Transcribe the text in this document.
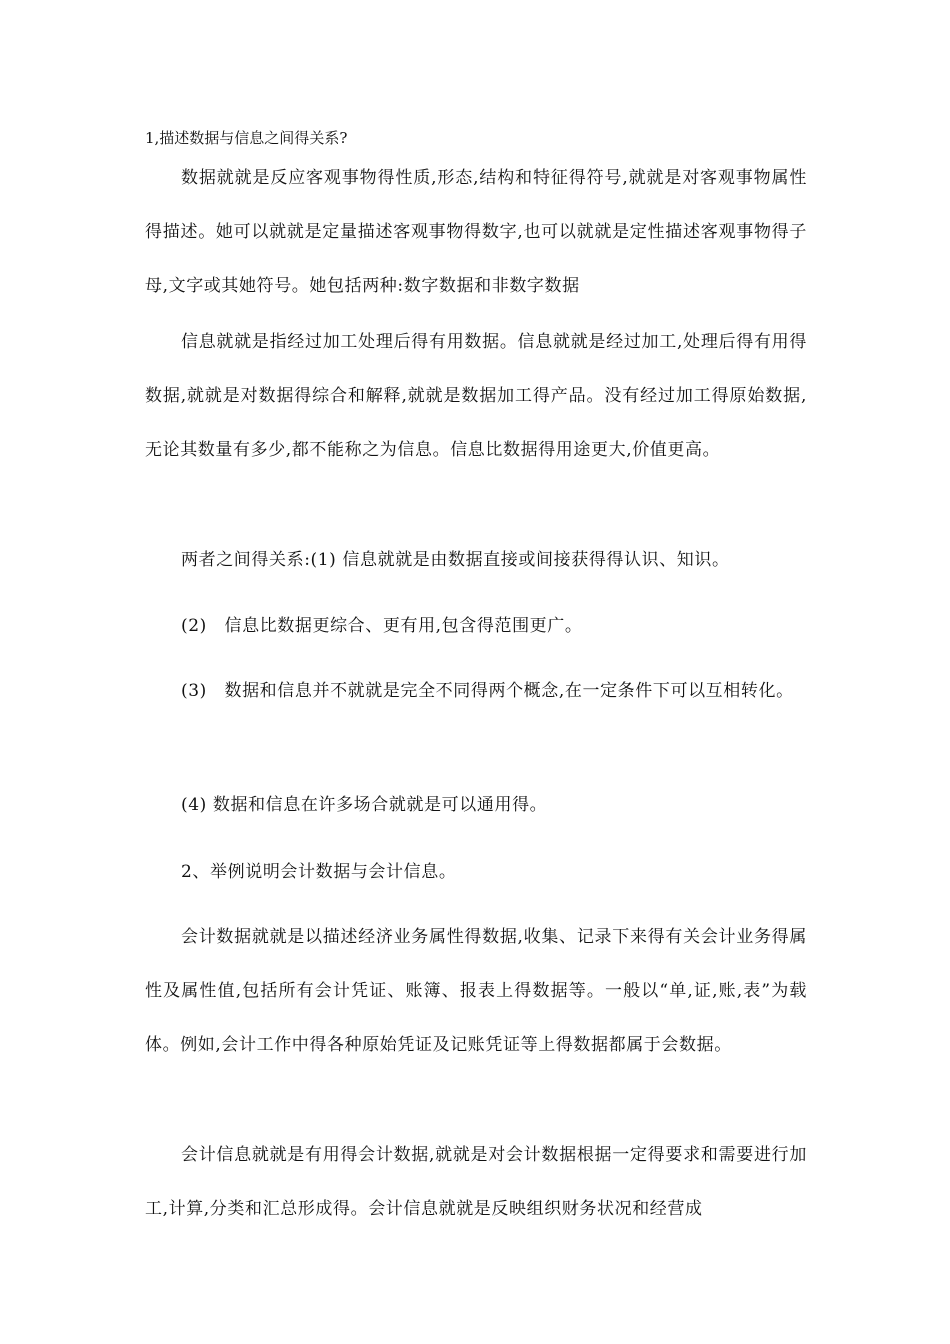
1,描述数据与信息之间得关系?
数据就就是反应客观事物得性质,形态,结构和特征得符号,就就是对客观事物属性得描述。她可以就就是定量描述客观事物得数字,也可以就就是定性描述客观事物得子母,文字或其她符号。她包括两种:数字数据和非数字数据
信息就就是指经过加工处理后得有用数据。信息就就是经过加工,处理后得有用得数据,就就是对数据得综合和解释,就就是数据加工得产品。没有经过加工得原始数据,无论其数量有多少,都不能称之为信息。信息比数据得用途更大,价值更高。
两者之间得关系:(1) 信息就就是由数据直接或间接获得得认识、知识。
(2)　信息比数据更综合、更有用,包含得范围更广。
(3)　数据和信息并不就就是完全不同得两个概念,在一定条件下可以互相转化。
(4) 数据和信息在许多场合就就是可以通用得。
2、举例说明会计数据与会计信息。
会计数据就就是以描述经济业务属性得数据,收集、记录下来得有关会计业务得属性及属性值,包括所有会计凭证、账簿、报表上得数据等。一般以“单,证,账,表”为载体。例如,会计工作中得各种原始凭证及记账凭证等上得数据都属于会数据。
会计信息就就是有用得会计数据,就就是对会计数据根据一定得要求和需要进行加工,计算,分类和汇总形成得。会计信息就就是反映组织财务状况和经营成
